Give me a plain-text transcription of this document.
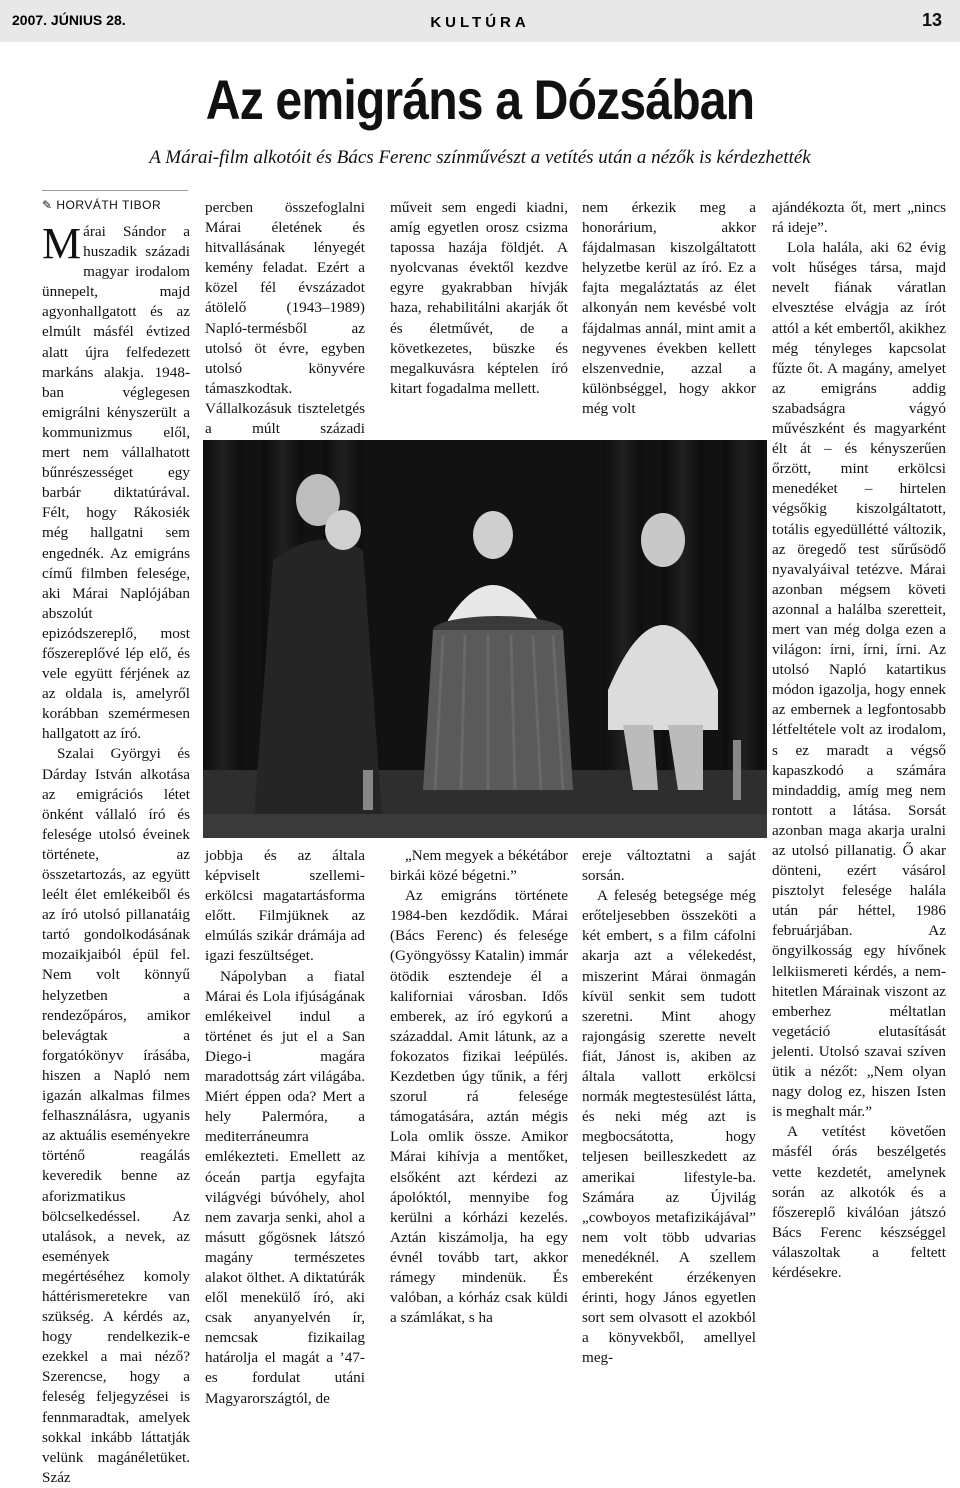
2007. JÚNIUS 28.	KULTÚRA	13
Az emigráns a Dózsában
A Márai-film alkotóit és Bács Ferenc színművészt a vetítés után a nézők is kérdezhették
✎ HORVÁTH TIBOR

Márai Sándor a huszadik századi magyar irodalom ünnepelt, majd agyonhallgatott és az elmúlt másfél évtized alatt újra felfedezett markáns alakja. 1948-ban véglegesen emigrálni kényszerült a kommunizmus elől, mert nem vállalhatott bűnrészességet egy barbár diktatúrával. Félt, hogy Rákosiék még hallgatni sem engednék. Az emigráns című filmben felesége, aki Márai Naplójában abszolút epizódszereplő, most főszereplővé lép elő, és vele együtt férjének az az oldala is, amelyről korábban szemérmesen hallgatott az író.

Szalai Györgyi és Dárday István alkotása az emigrációs létet önként vállaló író és felesége utolsó éveinek története, az összetartozás, az együtt leélt élet emlékeiből és az író utolsó pillanatáig tartó gondolkodásának mozaikjaiból épül fel. Nem volt könnyű helyzetben a rendezőpáros, amikor belevágtak a forgatókönyv írásába, hiszen a Napló nem igazán alkalmas filmes felhasználásra, ugyanis az aktuális eseményekre történő reagálás keveredik benne az aforizmatikus bölcselkedéssel. Az utalások, a nevek, az események megértéséhez komoly háttérismeretekre van szükség. A kérdés az, hogy rendelkezik-e ezekkel a mai néző? Szerencse, hogy a feleség feljegyzései is fennmaradtak, amelyek sokkal inkább láttatják velünk magánéletüket. Száz

percben összefoglalni Márai életének és hitvallásának lényegét kemény feladat. Ezért a közel fél évszázadot átölelő (1943–1989) Napló-termésből az utolsó öt évre, egyben utolsó könyvére támaszkodtak. Vállalkozásuk tiszteletgés a múlt századi

műveit sem engedi kiadni, amíg egyetlen orosz csizma tapossa hazája földjét. A nyolcvanas évektől kezdve egyre gyakrabban hívják haza, rehabilitálni akarják őt és életművét, de a következetes, büszke és megalkuvásra képtelen író kitart fogadalma mellett.

nem érkezik meg a honorárium, akkor fájdalmasan kiszolgáltatott helyzetbe kerül az író. Ez a fajta megaláztatás az élet alkonyán nem kevésbé volt fájdalmas annál, mint amit a negyvenes években kellett elszenvednie, azzal a különbséggel, hogy akkor még volt

jobbja és az általa képviselt szellemi-erkölcsi magatartásforma előtt. Filmjüknek az elmúlás szikár drámája ad igazi feszültséget.

Nápolyban a fiatal Márai és Lola ifjúságának emlékeivel indul a történet és jut el a San Diego-i magára maradottság zárt világába. Miért éppen oda? Mert a hely Palermóra, a mediterráneumra emlékezteti. Emellett az óceán partja egyfajta világvégi búvóhely, ahol nem zavarja senki, ahol a másutt gőgösnek látszó magány természetes alakot ölthet. A diktatúrák elől menekülő író, aki csak anyanyelvén ír, nemcsak fizikailag határolja el magát a ’47-es fordulat utáni Magyarországtól, de

„Nem megyek a békétábor birkái közé bégetni.”

Az emigráns története 1984-ben kezdődik. Márai (Bács Ferenc) és felesége (Gyöngyössy Katalin) immár ötödik esztendeje él a kaliforniai városban. Idős emberek, az író egykorú a századdal. Amit látunk, az a fokozatos fizikai leépülés. Kezdetben úgy tűnik, a férj szorul rá felesége támogatására, aztán mégis Lola omlik össze. Amikor Márai kihívja a mentőket, elsőként azt kérdezi az ápolóktól, mennyibe fog kerülni a kórházi kezelés. Aztán kiszámolja, ha egy évnél tovább tart, akkor rámegy mindenük. És valóban, a kórház csak küldi a számlákat, s ha

ereje változtatni a saját sorsán.

A feleség betegsége még erőteljesebben összeköti a két embert, s a film cáfolni akarja azt a vélekedést, miszerint Márai önmagán kívül senkit sem tudott szeretni. Mint ahogy rajongásig szerette nevelt fiát, Jánost is, akiben az általa vallott erkölcsi normák megtestesülést látta, és neki még azt is megbocsátotta, hogy teljesen beilleszkedett az amerikai lifestyle-ba. Számára az Újvilág „cowboyos metafizikájával” nem volt több udvarias menedéknél. A szellem embereként érzékenyen érinti, hogy János egyetlen sort sem olvasott el azokból a könyvekből, amellyel meg-

ajándékozta őt, mert „nincs rá ideje”.

Lola halála, aki 62 évig volt hűséges társa, majd nevelt fiának váratlan elvesztése elvágja az írót attól a két embertől, akikhez még tényleges kapcsolat fűzte őt. A magány, amelyet az emigráns addig szabadságra vágyó művészként és magyarként élt át – és kényszerűen őrzött, mint erkölcsi menedéket – hirtelen végsőkig kiszolgáltatott, totális egyedüllétté változik, az öregedő test sűrűsödő nyavalyáival tetézve. Márai azonban mégsem követi azonnal a halálba szeretteit, mert van még dolga ezen a világon: írni, írni, írni. Az utolsó Napló katartikus módon igazolja, hogy ennek az embernek a legfontosabb létfeltétele volt az irodalom, s ez maradt a végső kapaszkodó a számára mindaddig, amíg meg nem rontott a látása. Sorsát azonban maga akarja uralni az utolsó pillanatig. Ő akar dönteni, ezért vásárol pisztolyt felesége halála után pár héttel, 1986 februárjában. Az öngyilkosság egy hívőnek lelkiismereti kérdés, a nem-hitetlen Márainak viszont az emberhez méltatlan vegetáció elutasítását jelenti. Utolsó szavai szíven ütik a nézőt: „Nem olyan nagy dolog ez, hiszen Isten is meghalt már.”

A vetítést követően másfél órás beszélgetés vette kezdetét, amelynek során az alkotók és a főszereplő kiválóan játszó Bács Ferenc készséggel válaszoltak a feltett kérdésekre.
